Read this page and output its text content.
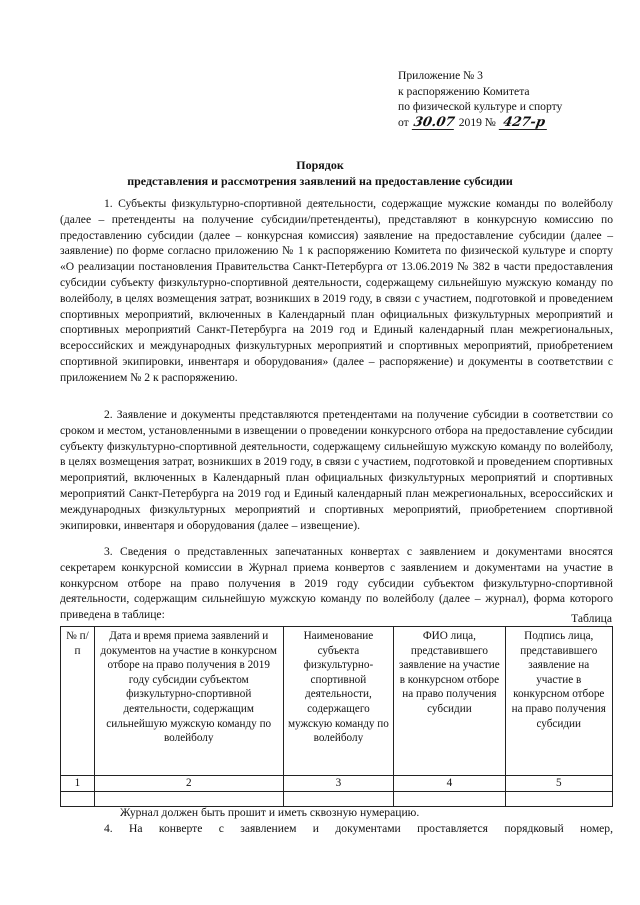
Приложение № 3
к распоряжению Комитета
по физической культуре и спорту
от 30.07 2019 № 427-р
Порядок
представления и рассмотрения заявлений на предоставление субсидии
1. Субъекты физкультурно-спортивной деятельности, содержащие мужские команды по волейболу (далее – претенденты на получение субсидии/претенденты), представляют в конкурсную комиссию по предоставлению субсидии (далее – конкурсная комиссия) заявление на предоставление субсидии (далее – заявление) по форме согласно приложению № 1 к распоряжению Комитета по физической культуре и спорту «О реализации постановления Правительства Санкт-Петербурга от 13.06.2019 № 382 в части предоставления субсидии субъекту физкультурно-спортивной деятельности, содержащему сильнейшую мужскую команду по волейболу, в целях возмещения затрат, возникших в 2019 году, в связи с участием, подготовкой и проведением спортивных мероприятий, включенных в Календарный план официальных физкультурных мероприятий и спортивных мероприятий Санкт-Петербурга на 2019 год и Единый календарный план межрегиональных, всероссийских и международных физкультурных мероприятий и спортивных мероприятий, приобретением спортивной экипировки, инвентаря и оборудования» (далее – распоряжение) и документы в соответствии с приложением № 2 к распоряжению.
2. Заявление и документы представляются претендентами на получение субсидии в соответствии со сроком и местом, установленными в извещении о проведении конкурсного отбора на предоставление субсидии субъекту физкультурно-спортивной деятельности, содержащему сильнейшую мужскую команду по волейболу, в целях возмещения затрат, возникших в 2019 году, в связи с участием, подготовкой и проведением спортивных мероприятий, включенных в Календарный план официальных физкультурных мероприятий и спортивных мероприятий Санкт-Петербурга на 2019 год и Единый календарный план межрегиональных, всероссийских и международных физкультурных мероприятий и спортивных мероприятий, приобретением спортивной экипировки, инвентаря и оборудования (далее – извещение).
3. Сведения о представленных запечатанных конвертах с заявлением и документами вносятся секретарем конкурсной комиссии в Журнал приема конвертов с заявлением и документами на участие в конкурсном отборе на право получения в 2019 году субсидии субъектом физкультурно-спортивной деятельности, содержащим сильнейшую мужскую команду по волейболу (далее – журнал), форма которого приведена в таблице:	Таблица
№ п/п	Дата и время приема заявлений и документов на участие в конкурсном отборе на право получения в 2019 году субсидии субъектом физкультурно-спортивной деятельности, содержащим сильнейшую мужскую команду по волейболу	Наименование субъекта физкультурно-спортивной деятельности, содержащего мужскую команду по волейболу	ФИО лица, представившего заявление на участие в конкурсном отборе на право получения субсидии	Подпись лица, представившего заявление на участие в конкурсном отборе на право получения субсидии
1	2	3	4	5

Журнал должен быть прошит и иметь сквозную нумерацию.
4. На конверте с заявлением и документами проставляется порядковый номер,
